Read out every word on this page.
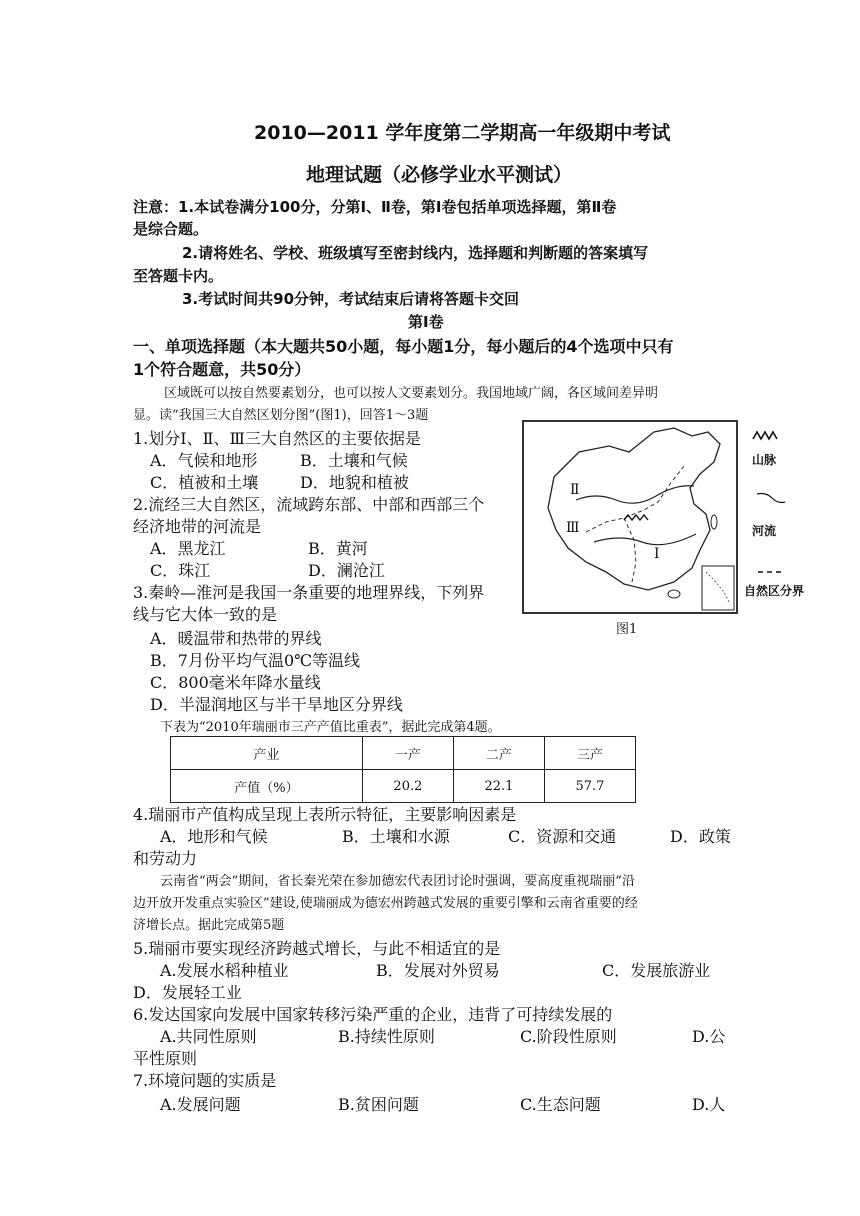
2010—2011 学年度第二学期高一年级期中考试
地理试题（必修学业水平测试）
注意：1.本试卷满分100分，分第Ⅰ、Ⅱ卷，第Ⅰ卷包括单项选择题，第Ⅱ卷
是综合题。
2.请将姓名、学校、班级填写至密封线内，选择题和判断题的答案填写
至答题卡内。
3.考试时间共90分钟，考试结束后请将答题卡交回
第Ⅰ卷
一、单项选择题（本大题共50小题，每小题1分，每小题后的4个选项中只有
1个符合题意，共50分）
区域既可以按自然要素划分，也可以按人文要素划分。我国地域广阔，各区域间差异明
显。读“我国三大自然区划分图”(图1)，回答1～3题
1.划分Ⅰ、Ⅱ、Ⅲ三大自然区的主要依据是
A．气候和地形	B．土壤和气候
C．植被和土壤	D．地貌和植被
2.流经三大自然区，流域跨东部、中部和西部三个
经济地带的河流是
A．黑龙江	B．黄河
C．珠江	D．澜沧江
3.秦岭—淮河是我国一条重要的地理界线，下列界
线与它大体一致的是
A．暖温带和热带的界线
B．7月份平均气温0℃等温线
C．800毫米年降水量线
D．半湿润地区与半干旱地区分界线
Ⅱ
Ⅲ
Ⅰ
图1
山脉
河流
自然区分界
下表为“2010年瑞丽市三产产值比重表”，据此完成第4题。
产业	一产	二产	三产
产值（%）	20.2	22.1	57.7
4.瑞丽市产值构成呈现上表所示特征，主要影响因素是
A．地形和气候	B．土壤和水源	C．资源和交通	D．政策
和劳动力
云南省“两会”期间，省长秦光荣在参加德宏代表团讨论时强调，要高度重视瑞丽“沿
边开放开发重点实验区”建设,使瑞丽成为德宏州跨越式发展的重要引擎和云南省重要的经
济增长点。据此完成第5题
5.瑞丽市要实现经济跨越式增长，与此不相适宜的是
A.发展水稻种植业	B．发展对外贸易	C．发展旅游业
D．发展轻工业
6.发达国家向发展中国家转移污染严重的企业，违背了可持续发展的
A.共同性原则	B.持续性原则	C.阶段性原则	D.公
平性原则
7.环境问题的实质是
A.发展问题	B.贫困问题	C.生态问题	D.人
